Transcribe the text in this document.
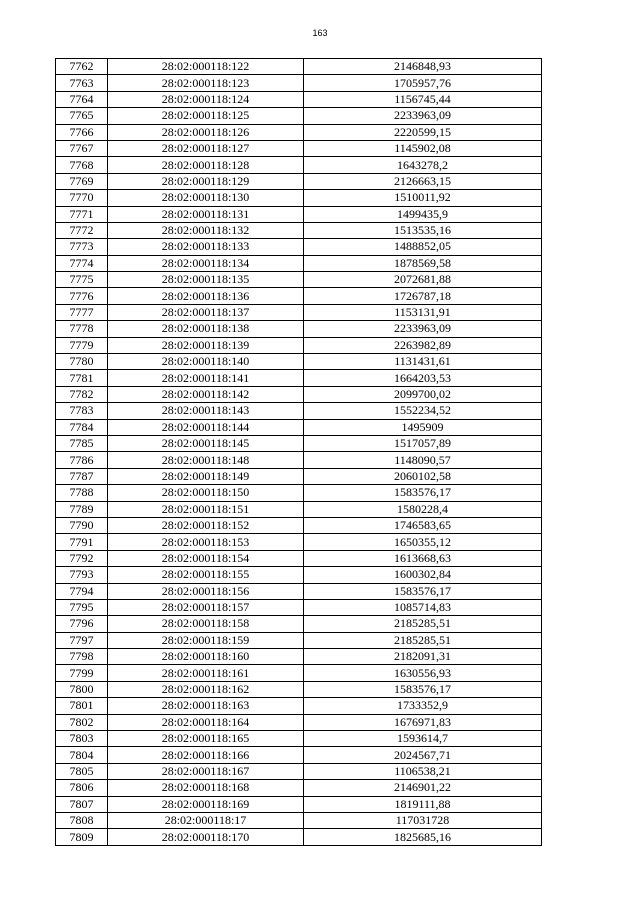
163
7762	28:02:000118:122	2146848,93
7763	28:02:000118:123	1705957,76
7764	28:02:000118:124	1156745,44
7765	28:02:000118:125	2233963,09
7766	28:02:000118:126	2220599,15
7767	28:02:000118:127	1145902,08
7768	28:02:000118:128	1643278,2
7769	28:02:000118:129	2126663,15
7770	28:02:000118:130	1510011,92
7771	28:02:000118:131	1499435,9
7772	28:02:000118:132	1513535,16
7773	28:02:000118:133	1488852,05
7774	28:02:000118:134	1878569,58
7775	28:02:000118:135	2072681,88
7776	28:02:000118:136	1726787,18
7777	28:02:000118:137	1153131,91
7778	28:02:000118:138	2233963,09
7779	28:02:000118:139	2263982,89
7780	28:02:000118:140	1131431,61
7781	28:02:000118:141	1664203,53
7782	28:02:000118:142	2099700,02
7783	28:02:000118:143	1552234,52
7784	28:02:000118:144	1495909
7785	28:02:000118:145	1517057,89
7786	28:02:000118:148	1148090,57
7787	28:02:000118:149	2060102,58
7788	28:02:000118:150	1583576,17
7789	28:02:000118:151	1580228,4
7790	28:02:000118:152	1746583,65
7791	28:02:000118:153	1650355,12
7792	28:02:000118:154	1613668,63
7793	28:02:000118:155	1600302,84
7794	28:02:000118:156	1583576,17
7795	28:02:000118:157	1085714,83
7796	28:02:000118:158	2185285,51
7797	28:02:000118:159	2185285,51
7798	28:02:000118:160	2182091,31
7799	28:02:000118:161	1630556,93
7800	28:02:000118:162	1583576,17
7801	28:02:000118:163	1733352,9
7802	28:02:000118:164	1676971,83
7803	28:02:000118:165	1593614,7
7804	28:02:000118:166	2024567,71
7805	28:02:000118:167	1106538,21
7806	28:02:000118:168	2146901,22
7807	28:02:000118:169	1819111,88
7808	28:02:000118:17	117031728
7809	28:02:000118:170	1825685,16
